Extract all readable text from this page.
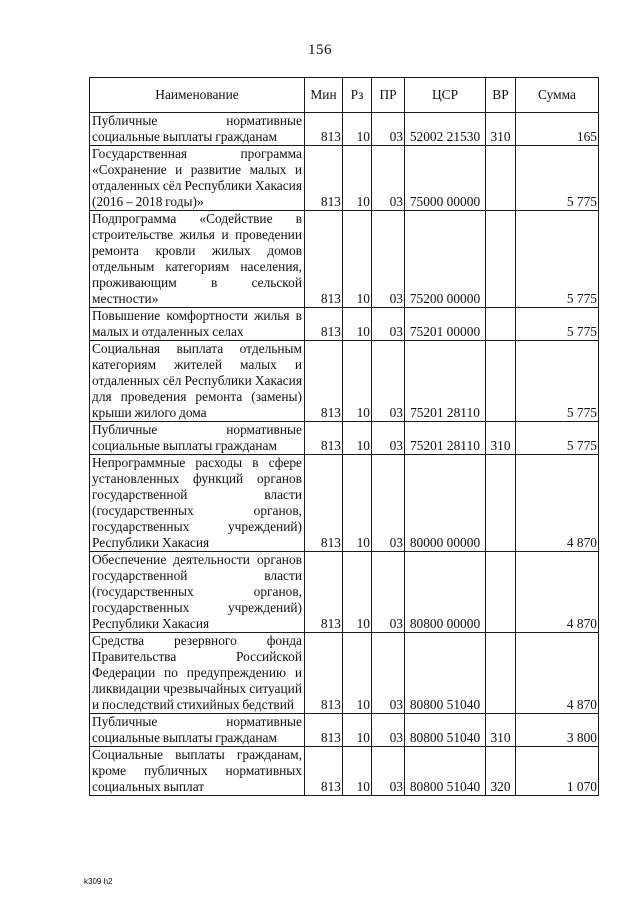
156
Наименование	Мин	Рз	ПР	ЦСР	ВР	Сумма
Публичные нормативные социальные выплаты гражданам	813	10	03	52002 21530	310	165
Государственная программа «Сохранение и развитие малых и отдаленных сёл Республики Хакасия (2016 – 2018 годы)»	813	10	03	75000 00000		5 775
Подпрограмма «Содействие в строительстве жилья и проведении ремонта кровли жилых домов отдельным категориям населения, проживающим в сельской местности»	813	10	03	75200 00000		5 775
Повышение комфортности жилья в малых и отдаленных селах	813	10	03	75201 00000		5 775
Социальная выплата отдельным категориям жителей малых и отдаленных сёл Республики Хакасия для проведения ремонта (замены) крыши жилого дома	813	10	03	75201 28110		5 775
Публичные нормативные социальные выплаты гражданам	813	10	03	75201 28110	310	5 775
Непрограммные расходы в сфере установленных функций органов государственной власти (государственных органов, государственных учреждений) Республики Хакасия	813	10	03	80000 00000		4 870
Обеспечение деятельности органов государственной власти (государственных органов, государственных учреждений) Республики Хакасия	813	10	03	80800 00000		4 870
Средства резервного фонда Правительства Российской Федерации по предупреждению и ликвидации чрезвычайных ситуаций и последствий стихийных бедствий	813	10	03	80800 51040		4 870
Публичные нормативные социальные выплаты гражданам	813	10	03	80800 51040	310	3 800
Социальные выплаты гражданам, кроме публичных нормативных социальных выплат	813	10	03	80800 51040	320	1 070
k309 h2
